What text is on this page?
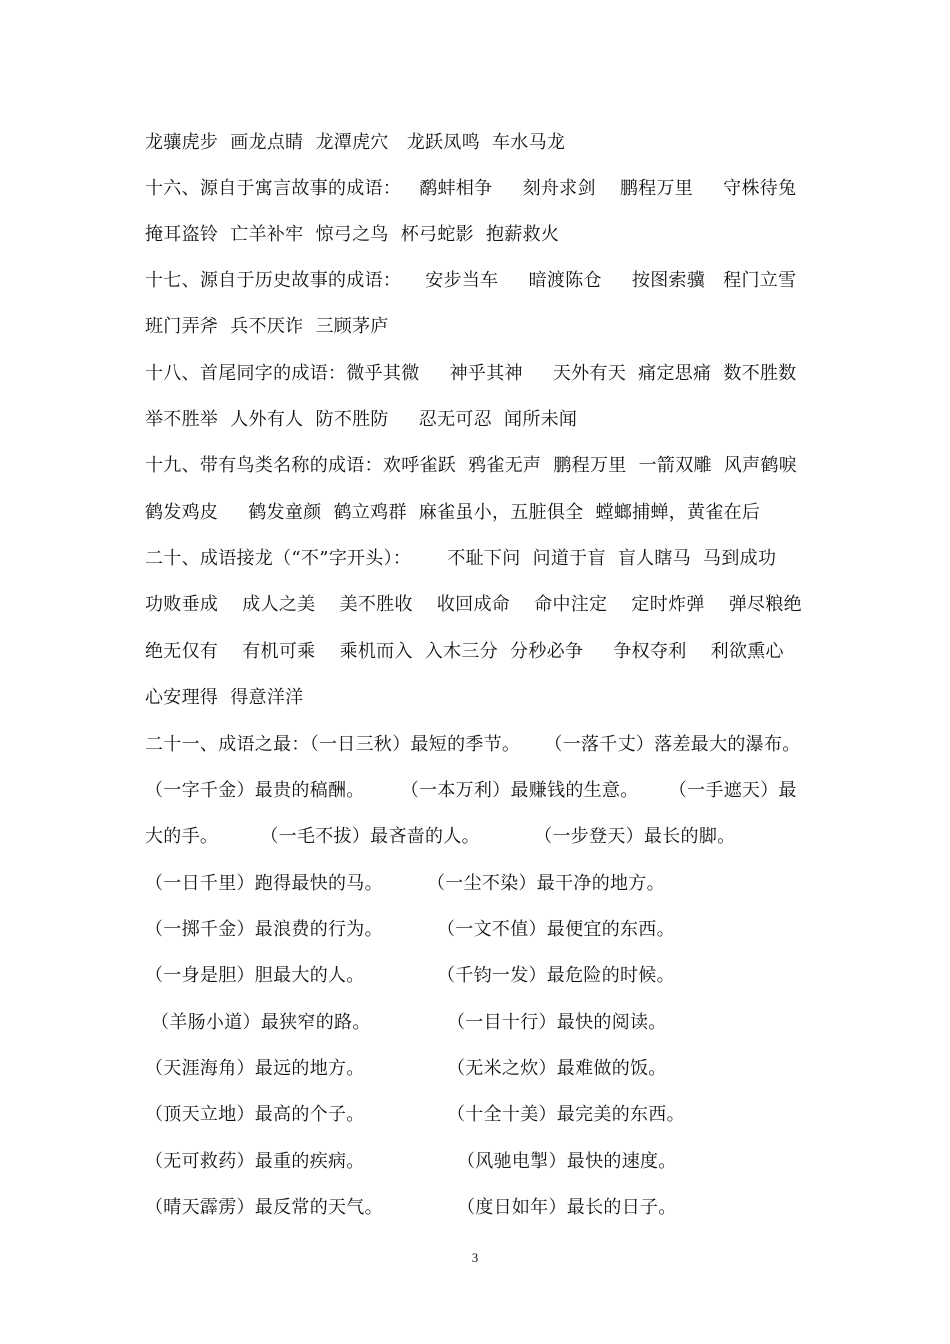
龙骧虎步  画龙点睛  龙潭虎穴   龙跃凤鸣  车水马龙
十六、源自于寓言故事的成语：   鹬蚌相争     刻舟求剑    鹏程万里     守株待兔
掩耳盗铃  亡羊补牢  惊弓之鸟  杯弓蛇影  抱薪救火
十七、源自于历史故事的成语：    安步当车     暗渡陈仓     按图索骥   程门立雪
班门弄斧  兵不厌诈  三顾茅庐
十八、首尾同字的成语：微乎其微     神乎其神     天外有天  痛定思痛  数不胜数
举不胜举  人外有人  防不胜防     忍无可忍  闻所未闻
十九、带有鸟类名称的成语：欢呼雀跃  鸦雀无声  鹏程万里  一箭双雕  风声鹤唳
鹤发鸡皮     鹤发童颜  鹤立鸡群  麻雀虽小，五脏俱全  螳螂捕蝉，黄雀在后
二十、成语接龙（“不”字开头）：      不耻下问  问道于盲  盲人瞎马  马到成功
功败垂成    成人之美    美不胜收    收回成命    命中注定    定时炸弹    弹尽粮绝
绝无仅有    有机可乘    乘机而入  入木三分  分秒必争     争权夺利    利欲熏心
心安理得  得意洋洋
二十一、成语之最：（一日三秋）最短的季节。    （一落千丈）落差最大的瀑布。
（一字千金）最贵的稿酬。      （一本万利）最赚钱的生意。     （一手遮天）最
大的手。       （一毛不拔）最吝啬的人。         （一步登天）最长的脚。

（一日千里）跑得最快的马。

（一尘不染）最干净的地方。

（一掷千金）最浪费的行为。

	（一文不值）最便宜的东西。

（一身是胆）胆最大的人。

	（千钧一发）最危险的时候。

（羊肠小道）最狭窄的路。

	（一目十行）最快的阅读。

（天涯海角）最远的地方。

	（无米之炊）最难做的饭。

（顶天立地）最高的个子。

	（十全十美）最完美的东西。

（无可救药）最重的疾病。

	（风驰电掣）最快的速度。

（晴天霹雳）最反常的天气。

	（度日如年）最长的日子。

3
